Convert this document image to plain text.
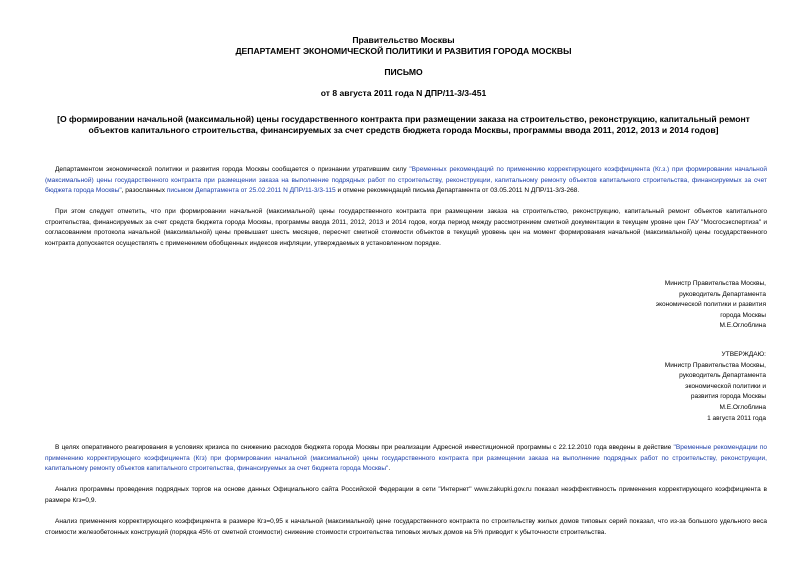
Правительство Москвы
ДЕПАРТАМЕНТ ЭКОНОМИЧЕСКОЙ ПОЛИТИКИ И РАЗВИТИЯ ГОРОДА МОСКВЫ
ПИСЬМО
от 8 августа 2011 года N ДПР/11-3/3-451
[О формировании начальной (максимальной) цены государственного контракта при размещении заказа на строительство, реконструкцию, капитальный ремонт
объектов капитального строительства, финансируемых за счет средств бюджета города Москвы, программы ввода 2011, 2012, 2013 и 2014 годов]

Департаментом экономической политики и развития города Москвы сообщается о признании утратившим силу "Временных рекомендаций по применению корректирующего коэффициента (Кг.з.) при формировании начальной (максимальной) цены государственного контракта при размещении заказа на выполнение подрядных работ по строительству, реконструкции, капитальному ремонту объектов капитального строительства, финансируемых за счет бюджета города Москвы", разосланных письмом Департамента от 25.02.2011 N ДПР/11-3/3-115 и отмене рекомендаций письма Департамента от 03.05.2011 N ДПР/11-3/3-268.

При этом следует отметить, что при формировании начальной (максимальной) цены государственного контракта при размещении заказа на строительство, реконструкцию, капитальный ремонт объектов капитального строительства, финансируемых за счет средств бюджета города Москвы, программы ввода 2011, 2012, 2013 и 2014 годов, когда период между рассмотрением сметной документации в текущем уровне цен ГАУ "Мосгосэкспертиза" и согласованием протокола начальной (максимальной) цены превышает шесть месяцев, пересчет сметной стоимости объектов в текущий уровень цен на момент формирования начальной (максимальной) цены государственного контракта допускается осуществлять с применением обобщенных индексов инфляции, утверждаемых в установленном порядке.

Министр Правительства Москвы,
руководитель Департамента
экономической политики и развития
города Москвы
М.Е.Оглоблина
УТВЕРЖДАЮ:
Министр Правительства Москвы,
руководитель Департамента
экономической политики и
развития города Москвы
М.Е.Оглоблина
1 августа 2011 года

В целях оперативного реагирования в условиях кризиса по снижению расходов бюджета города Москвы при реализации Адресной инвестиционной программы с 22.12.2010 года введены в действие "Временные рекомендации по применению корректирующего коэффициента (Кгз) при формировании начальной (максимальной) цены государственного контракта при размещении заказа на выполнение подрядных работ по строительству, реконструкции, капитальному ремонту объектов капитального строительства, финансируемых за счет бюджета города Москвы".

Анализ программы проведения подрядных торгов на основе данных Официального сайта Российской Федерации в сети "Интернет" www.zakupki.gov.ru показал неэффективность применения корректирующего коэффициента в размере Кгз=0,9.

Анализ применения корректирующего коэффициента в размере Кгз=0,95 к начальной (максимальной) цене государственного контракта по строительству жилых домов типовых серий показал, что из-за большого удельного веса стоимости железобетонных конструкций (порядка 45% от сметной стоимости) снижение стоимости строительства типовых жилых домов на 5% приводит к убыточности строительства.
